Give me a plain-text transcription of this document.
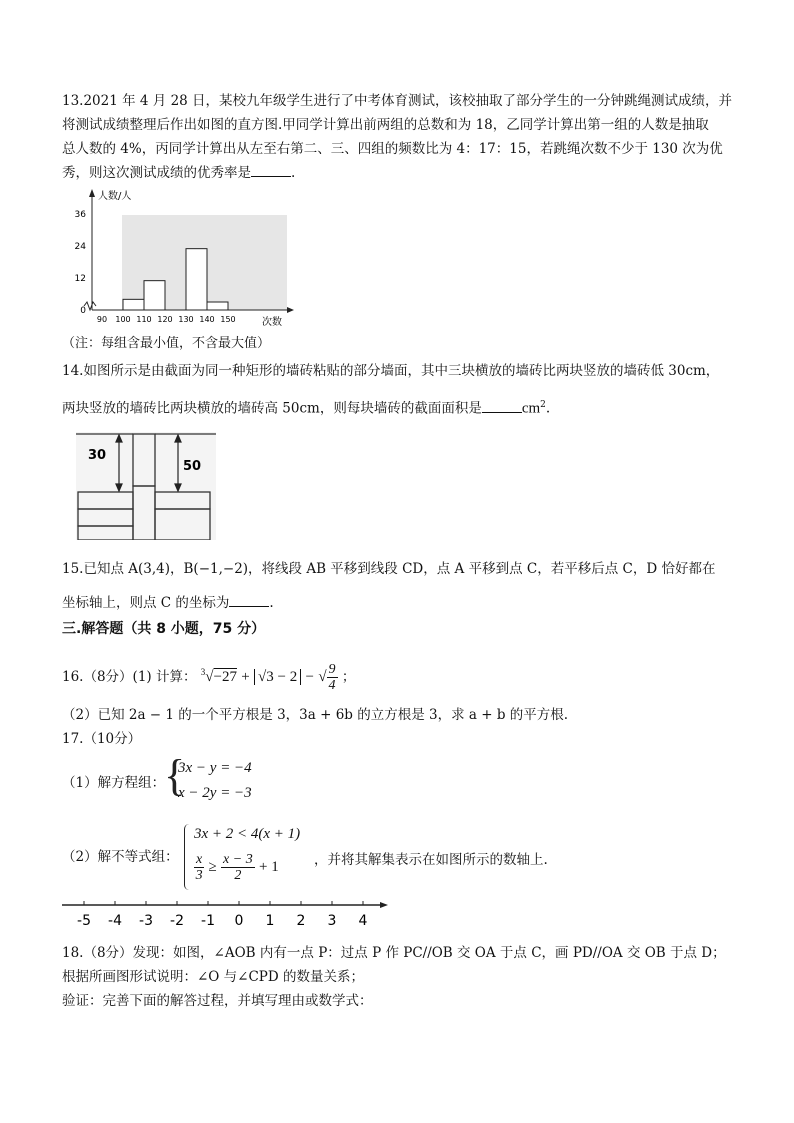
13.2021 年 4 月 28 日，某校九年级学生进行了中考体育测试，该校抽取了部分学生的一分钟跳绳测试成绩，并
将测试成绩整理后作出如图的直方图.甲同学计算出前两组的总数和为 18，乙同学计算出第一组的人数是抽取
总人数的 4%，丙同学计算出从左至右第二、三、四组的频数比为 4：17：15，若跳绳次数不少于 130 次为优
秀，则这次测试成绩的优秀率是	.
人数/人
次数
36
24
12
0
90 100 110 120 130 140 150
（注：每组含最小值，不含最大值）
14.如图所示是由截面为同一种矩形的墙砖粘贴的部分墙面，其中三块横放的墙砖比两块竖放的墙砖低 30cm，
两块竖放的墙砖比两块横放的墙砖高 50cm，则每块墙砖的截面面积是	$cm^2$.
30
50
15.已知点 A(3,4)，B(−1,−2)，将线段 AB 平移到线段 CD，点 A 平移到点 C，若平移后点 C，D 恰好都在
坐标轴上，则点 C 的坐标为	.
三.解答题（共 8 小题，75 分）
16.（8分）(1) 计算： $^3$√−27 + √3 − 2 − √ $\frac{9}{4}$ ；
（2）已知 2a − 1 的一个平方根是 3，3a + 6b 的立方根是 3，求 a + b 的平方根.
17.（10分）
（1）解方程组：
{
3x − y = −4
x − 2y = −3
（2）解不等式组：
3x + 2 < 4(x + 1)
$\frac{x}{3} \ge \frac{x - 3}{2} + 1$	，并将其解集表示在如图所示的数轴上.
-5 -4 -3 -2 -1 0 1 2 3 4
18.（8分）发现：如图，∠AOB 内有一点 P：过点 P 作 PC//OB 交 OA 于点 C，画 PD//OA 交 OB 于点 D；
根据所画图形试说明：∠O 与∠CPD 的数量关系；
验证：完善下面的解答过程，并填写理由或数学式：
